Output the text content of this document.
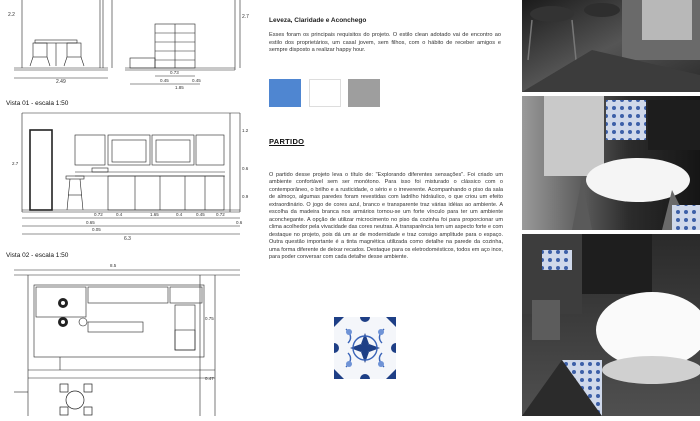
2.2	2.7
2.49
0.73
0.45	0.45
1.85
0.72	0.4	1.65	0.4	0.45 0.72
0.65
0.05
0.6
6.3
1.2
0.6
0.9
2.7
8.5
0.75
0.47
Vista 01 - escala 1:50
Vista 02 - escala 1:50
Leveza, Claridade e Aconchego
Esses foram os principais requisitos do projeto. O estilo clean adotado vai de encontro ao estilo dos proprietários, um casal jovem, sem filhos, com o hábito de receber amigos e sempre disposto a realizar happy hour.
PARTIDO
O partido desse projeto leva o título de: "Explorando diferentes sensações". Foi criado um ambiente confortável sem ser monótono. Para isso foi misturado o clássico com o contemporâneo, o brilho e a rusticidade, o sério e o irreverente. Acompanhando o piso da sala de almoço, algumas paredes foram revestidas com ladrilho hidráulico, o que criou um efeito extraordinário. O jogo de cores azul, branco e transparente traz várias idéias ao ambiente. A escolha da madeira branca nos armários tornou-se um forte vínculo para ter um ambiente aconchegante. A opção de utilizar microcimento no piso da cozinha foi para proporcionar um clima acolhedor pela vivacidade das cores neutras. A transparência tem um aspecto forte e com destaque no projeto, pois dá um ar de modernidade e traz consigo amplitude para o espaço. Outra questão importante é a tinta magnética utilizada como detalhe na parede da cozinha, uma forma diferente de deixar recados. Destaque para os eletrodomésticos, todos em aço inox, para poder conversar com cada detalhe desse ambiente.
